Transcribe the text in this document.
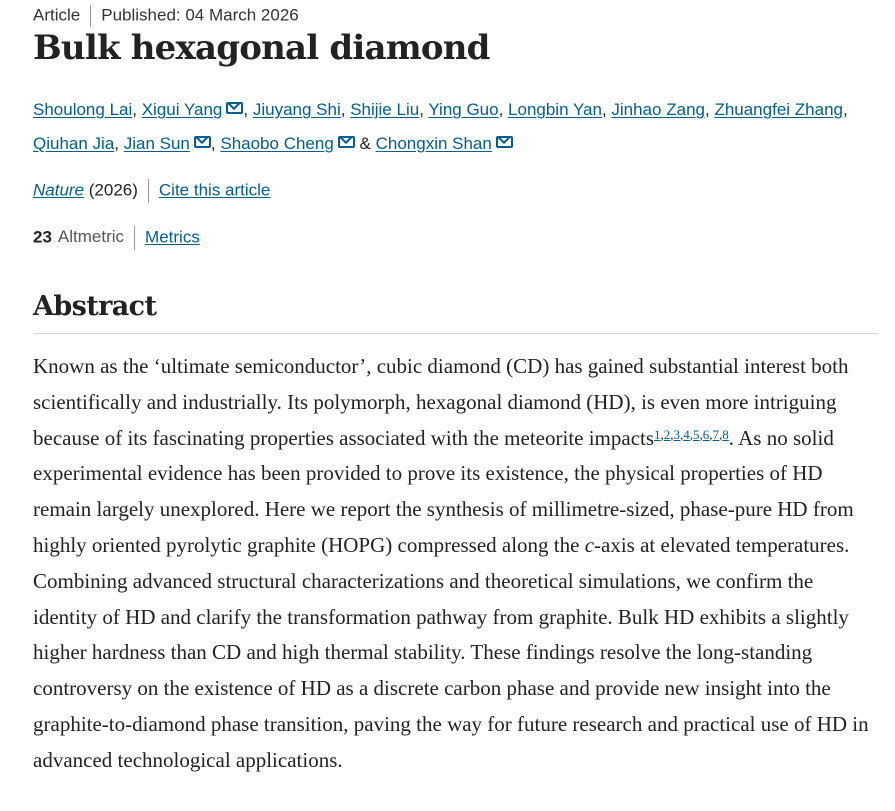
Article Published: 04 March 2026
Bulk hexagonal diamond
Shoulong Lai, Xigui Yang , Jiuyang Shi, Shijie Liu, Ying Guo, Longbin Yan, Jinhao Zang, Zhuangfei Zhang, Qiuhan Jia, Jian Sun , Shaobo Cheng & Chongxin Shan
Nature (2026) Cite this article
23 Altmetric Metrics
Abstract

Known as the ‘ultimate semiconductor’, cubic diamond (CD) has gained substantial interest both scientifically and industrially. Its polymorph, hexagonal diamond (HD), is even more intriguing because of its fascinating properties associated with the meteorite impacts$^{1,2,3,4,5,6,7,8}$. As no solid experimental evidence has been provided to prove its existence, the physical properties of HD remain largely unexplored. Here we report the synthesis of millimetre-sized, phase-pure HD from highly oriented pyrolytic graphite (HOPG) compressed along the c-axis at elevated temperatures. Combining advanced structural characterizations and theoretical simulations, we confirm the identity of HD and clarify the transformation pathway from graphite. Bulk HD exhibits a slightly higher hardness than CD and high thermal stability. These findings resolve the long-standing controversy on the existence of HD as a discrete carbon phase and provide new insight into the graphite-to-diamond phase transition, paving the way for future research and practical use of HD in advanced technological applications.
